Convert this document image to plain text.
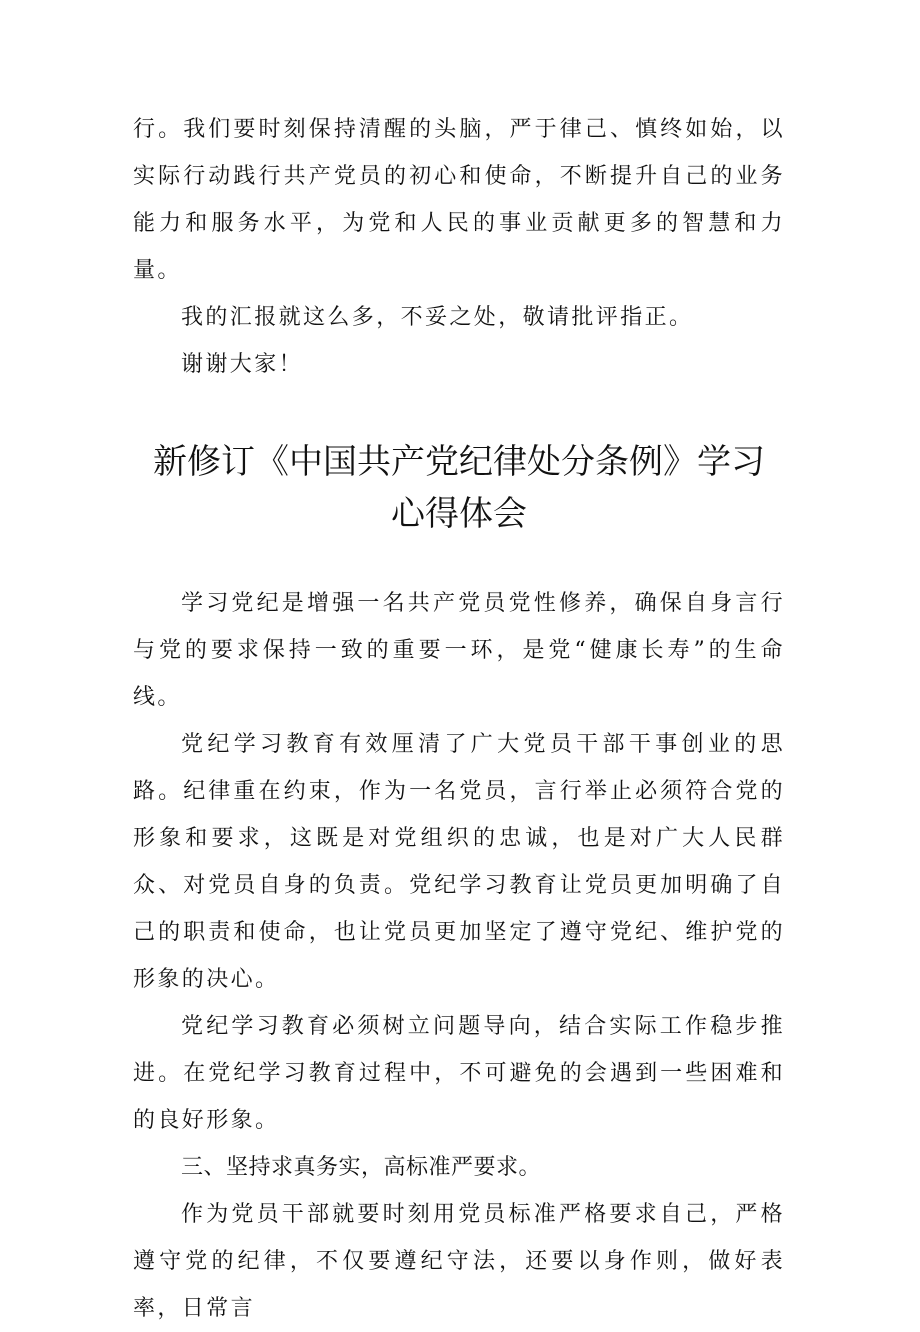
行。我们要时刻保持清醒的头脑，严于律己、慎终如始，以实际行动践行共产党员的初心和使命，不断提升自己的业务能力和服务水平，为党和人民的事业贡献更多的智慧和力量。

我的汇报就这么多，不妥之处，敬请批评指正。

谢谢大家！

新修订《中国共产党纪律处分条例》学习

心得体会

学习党纪是增强一名共产党员党性修养，确保自身言行与党的要求保持一致的重要一环，是党“健康长寿”的生命线。

党纪学习教育有效厘清了广大党员干部干事创业的思路。纪律重在约束，作为一名党员，言行举止必须符合党的形象和要求，这既是对党组织的忠诚，也是对广大人民群众、对党员自身的负责。党纪学习教育让党员更加明确了自己的职责和使命，也让党员更加坚定了遵守党纪、维护党的形象的决心。

党纪学习教育必须树立问题导向，结合实际工作稳步推进。在党纪学习教育过程中，不可避免的会遇到一些困难和的良好形象。

三、坚持求真务实，高标准严要求。

作为党员干部就要时刻用党员标准严格要求自己，严格遵守党的纪律，不仅要遵纪守法，还要以身作则，做好表率，日常言
